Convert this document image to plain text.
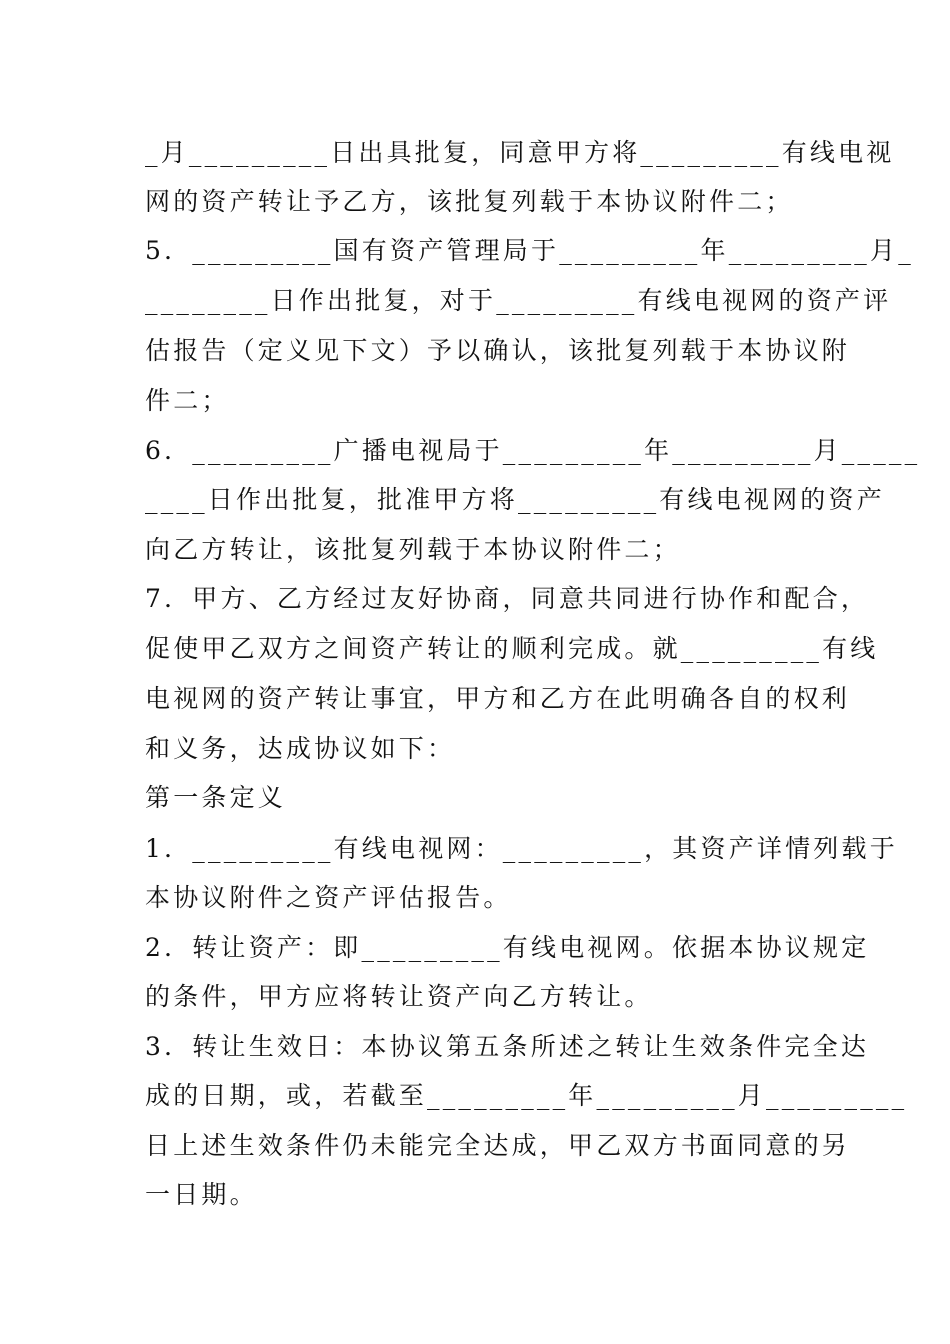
_月_________日出具批复，同意甲方将_________有线电视
网的资产转让予乙方，该批复列载于本协议附件二；
5．_________国有资产管理局于_________年_________月_
________日作出批复，对于_________有线电视网的资产评
估报告（定义见下文）予以确认，该批复列载于本协议附
件二；
6．_________广播电视局于_________年_________月_____
____日作出批复，批准甲方将_________有线电视网的资产
向乙方转让，该批复列载于本协议附件二；
7．甲方、乙方经过友好协商，同意共同进行协作和配合，
促使甲乙双方之间资产转让的顺利完成。就_________有线
电视网的资产转让事宜，甲方和乙方在此明确各自的权利
和义务，达成协议如下：
第一条定义
1．_________有线电视网：_________，其资产详情列载于
本协议附件之资产评估报告。
2．转让资产：即_________有线电视网。依据本协议规定
的条件，甲方应将转让资产向乙方转让。
3．转让生效日：本协议第五条所述之转让生效条件完全达
成的日期，或，若截至_________年_________月_________
日上述生效条件仍未能完全达成，甲乙双方书面同意的另
一日期。
